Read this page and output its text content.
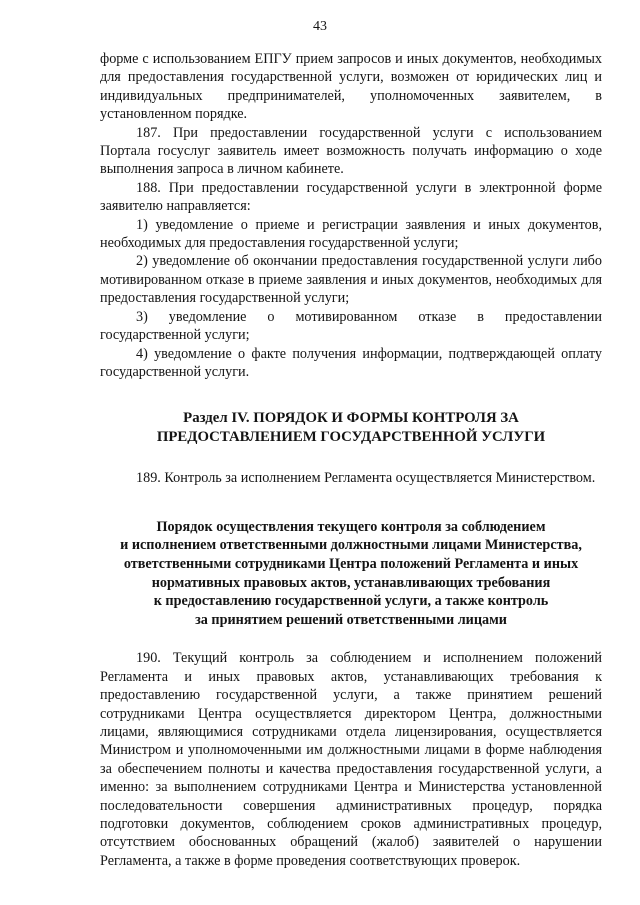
43

форме с использованием ЕПГУ прием запросов и иных документов, необходимых для предоставления государственной услуги, возможен от юридических лиц и индивидуальных предпринимателей, уполномоченных заявителем, в установленном порядке.

187. При предоставлении государственной услуги с использованием Портала госуслуг заявитель имеет возможность получать информацию о ходе выполнения запроса в личном кабинете.

188. При предоставлении государственной услуги в электронной форме заявителю направляется:

1) уведомление о приеме и регистрации заявления и иных документов, необходимых для предоставления государственной услуги;

2) уведомление об окончании предоставления государственной услуги либо мотивированном отказе в приеме заявления и иных документов, необходимых для предоставления государственной услуги;

3) уведомление о мотивированном отказе в предоставлении государственной услуги;

4) уведомление о факте получения информации, подтверждающей оплату государственной услуги.

Раздел IV. ПОРЯДОК И ФОРМЫ КОНТРОЛЯ ЗА
ПРЕДОСТАВЛЕНИЕМ ГОСУДАРСТВЕННОЙ УСЛУГИ

189. Контроль за исполнением Регламента осуществляется Министерством.

Порядок осуществления текущего контроля за соблюдением
и исполнением ответственными должностными лицами Министерства,
ответственными сотрудниками Центра положений Регламента и иных
нормативных правовых актов, устанавливающих требования
к предоставлению государственной услуги, а также контроль
за принятием решений ответственными лицами

190. Текущий контроль за соблюдением и исполнением положений Регламента и иных правовых актов, устанавливающих требования к предоставлению государственной услуги, а также принятием решений сотрудниками Центра осуществляется директором Центра, должностными лицами, являющимися сотрудниками отдела лицензирования, осуществляется Министром и уполномоченными им должностными лицами в форме наблюдения за обеспечением полноты и качества предоставления государственной услуги, а именно: за выполнением сотрудниками Центра и Министерства установленной последовательности совершения административных процедур, порядка подготовки документов, соблюдением сроков административных процедур, отсутствием обоснованных обращений (жалоб) заявителей о нарушении Регламента, а также в форме проведения соответствующих проверок.
